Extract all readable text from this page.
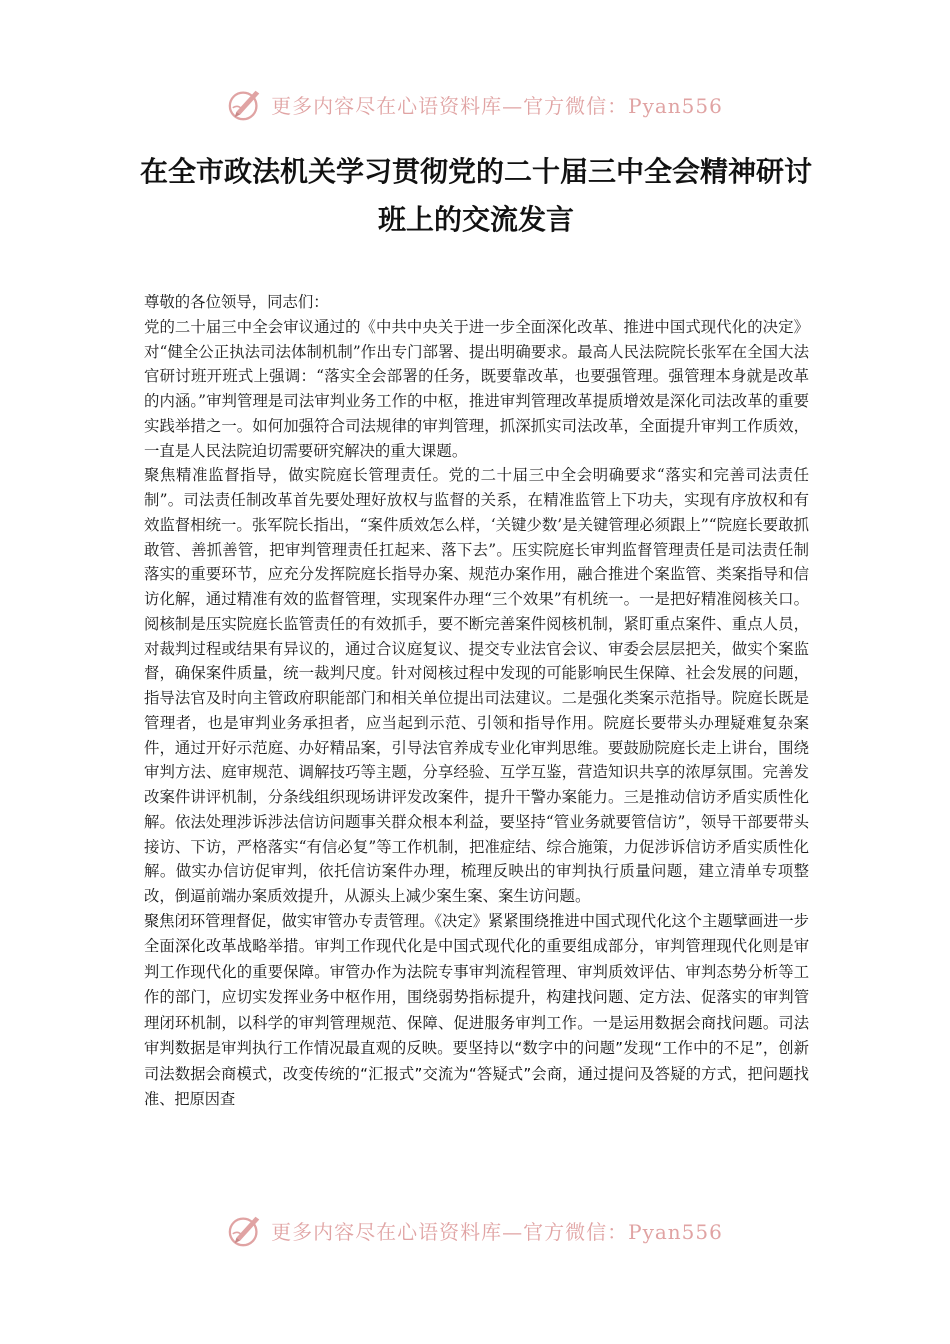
更多内容尽在心语资料库—官方微信：Pyan556
在全市政法机关学习贯彻党的二十届三中全会精神研讨班上的交流发言

尊敬的各位领导，同志们：

党的二十届三中全会审议通过的《中共中央关于进一步全面深化改革、推进中国式现代化的决定》对“健全公正执法司法体制机制”作出专门部署、提出明确要求。最高人民法院院长张军在全国大法官研讨班开班式上强调：“落实全会部署的任务，既要靠改革，也要强管理。强管理本身就是改革的内涵。”审判管理是司法审判业务工作的中枢，推进审判管理改革提质增效是深化司法改革的重要实践举措之一。如何加强符合司法规律的审判管理，抓深抓实司法改革，全面提升审判工作质效，一直是人民法院迫切需要研究解决的重大课题。

聚焦精准监督指导，做实院庭长管理责任。党的二十届三中全会明确要求“落实和完善司法责任制”。司法责任制改革首先要处理好放权与监督的关系，在精准监管上下功夫，实现有序放权和有效监督相统一。张军院长指出，“案件质效怎么样，‘关键少数’是关键管理必须跟上”“院庭长要敢抓敢管、善抓善管，把审判管理责任扛起来、落下去”。压实院庭长审判监督管理责任是司法责任制落实的重要环节，应充分发挥院庭长指导办案、规范办案作用，融合推进个案监管、类案指导和信访化解，通过精准有效的监督管理，实现案件办理“三个效果”有机统一。一是把好精准阅核关口。阅核制是压实院庭长监管责任的有效抓手，要不断完善案件阅核机制，紧盯重点案件、重点人员，对裁判过程或结果有异议的，通过合议庭复议、提交专业法官会议、审委会层层把关，做实个案监督，确保案件质量，统一裁判尺度。针对阅核过程中发现的可能影响民生保障、社会发展的问题，指导法官及时向主管政府职能部门和相关单位提出司法建议。二是强化类案示范指导。院庭长既是管理者，也是审判业务承担者，应当起到示范、引领和指导作用。院庭长要带头办理疑难复杂案件，通过开好示范庭、办好精品案，引导法官养成专业化审判思维。要鼓励院庭长走上讲台，围绕审判方法、庭审规范、调解技巧等主题，分享经验、互学互鉴，营造知识共享的浓厚氛围。完善发改案件讲评机制，分条线组织现场讲评发改案件，提升干警办案能力。三是推动信访矛盾实质性化解。依法处理涉诉涉法信访问题事关群众根本利益，要坚持“管业务就要管信访”，领导干部要带头接访、下访，严格落实“有信必复”等工作机制，把准症结、综合施策，力促涉诉信访矛盾实质性化解。做实办信访促审判，依托信访案件办理，梳理反映出的审判执行质量问题，建立清单专项整改，倒逼前端办案质效提升，从源头上减少案生案、案生访问题。

聚焦闭环管理督促，做实审管办专责管理。《决定》紧紧围绕推进中国式现代化这个主题擘画进一步全面深化改革战略举措。审判工作现代化是中国式现代化的重要组成部分，审判管理现代化则是审判工作现代化的重要保障。审管办作为法院专事审判流程管理、审判质效评估、审判态势分析等工作的部门，应切实发挥业务中枢作用，围绕弱势指标提升，构建找问题、定方法、促落实的审判管理闭环机制，以科学的审判管理规范、保障、促进服务审判工作。一是运用数据会商找问题。司法审判数据是审判执行工作情况最直观的反映。要坚持以“数字中的问题”发现“工作中的不足”，创新司法数据会商模式，改变传统的“汇报式”交流为“答疑式”会商，通过提问及答疑的方式，把问题找准、把原因查

更多内容尽在心语资料库—官方微信：Pyan556
